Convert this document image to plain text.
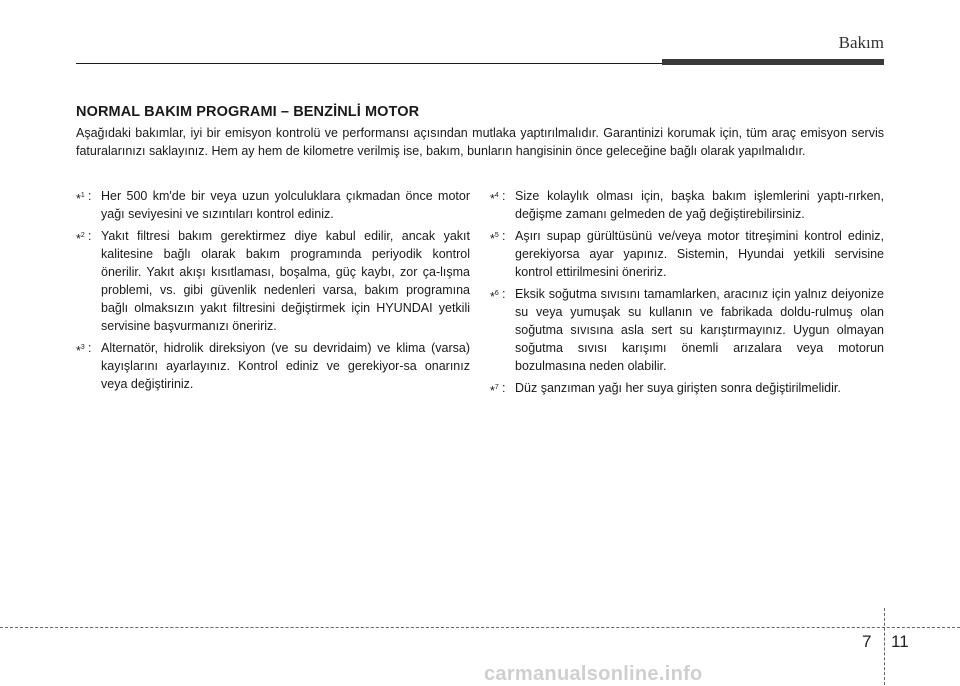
Bakım
NORMAL BAKIM PROGRAMI – BENZİNLİ MOTOR

Aşağıdaki bakımlar, iyi bir emisyon kontrolü ve performansı açısından mutlaka yaptırılmalıdır. Garantinizi korumak için, tüm araç emisyon servis faturalarınızı saklayınız. Hem ay hem de kilometre verilmiş ise, bakım, bunların hangisinin önce geleceğine bağlı olarak yapılmalıdır.

*$^1$ : Her 500 km'de bir veya uzun yolculuklara çıkmadan önce motor yağı seviyesini ve sızıntıları kontrol ediniz.
*$^2$ : Yakıt filtresi bakım gerektirmez diye kabul edilir, ancak yakıt kalitesine bağlı olarak bakım programında periyodik kontrol önerilir. Yakıt akışı kısıtlaması, boşalma, güç kaybı, zor ça-lışma problemi, vs. gibi güvenlik nedenleri varsa, bakım programına bağlı olmaksızın yakıt filtresini değiştirmek için HYUNDAI yetkili servisine başvurmanızı öneririz.
*$^3$ : Alternatör, hidrolik direksiyon (ve su devridaim) ve klima (varsa) kayışlarını ayarlayınız. Kontrol ediniz ve gerekiyor-sa onarınız veya değiştiriniz.
*$^4$ : Size kolaylık olması için, başka bakım işlemlerini yaptı-rırken, değişme zamanı gelmeden de yağ değiştirebilirsiniz.
*$^5$ : Aşırı supap gürültüsünü ve/veya motor titreşimini kontrol ediniz, gerekiyorsa ayar yapınız. Sistemin, Hyundai yetkili servisine kontrol ettirilmesini öneririz.
*$^6$ : Eksik soğutma sıvısını tamamlarken, aracınız için yalnız deiyonize su veya yumuşak su kullanın ve fabrikada doldu-rulmuş olan soğutma sıvısına asla sert su karıştırmayınız. Uygun olmayan soğutma sıvısı karışımı önemli arızalara veya motorun bozulmasına neden olabilir.
*$^7$ : Düz şanzıman yağı her suya girişten sonra değiştirilmelidir.
7 11
carmanualsonline.info
